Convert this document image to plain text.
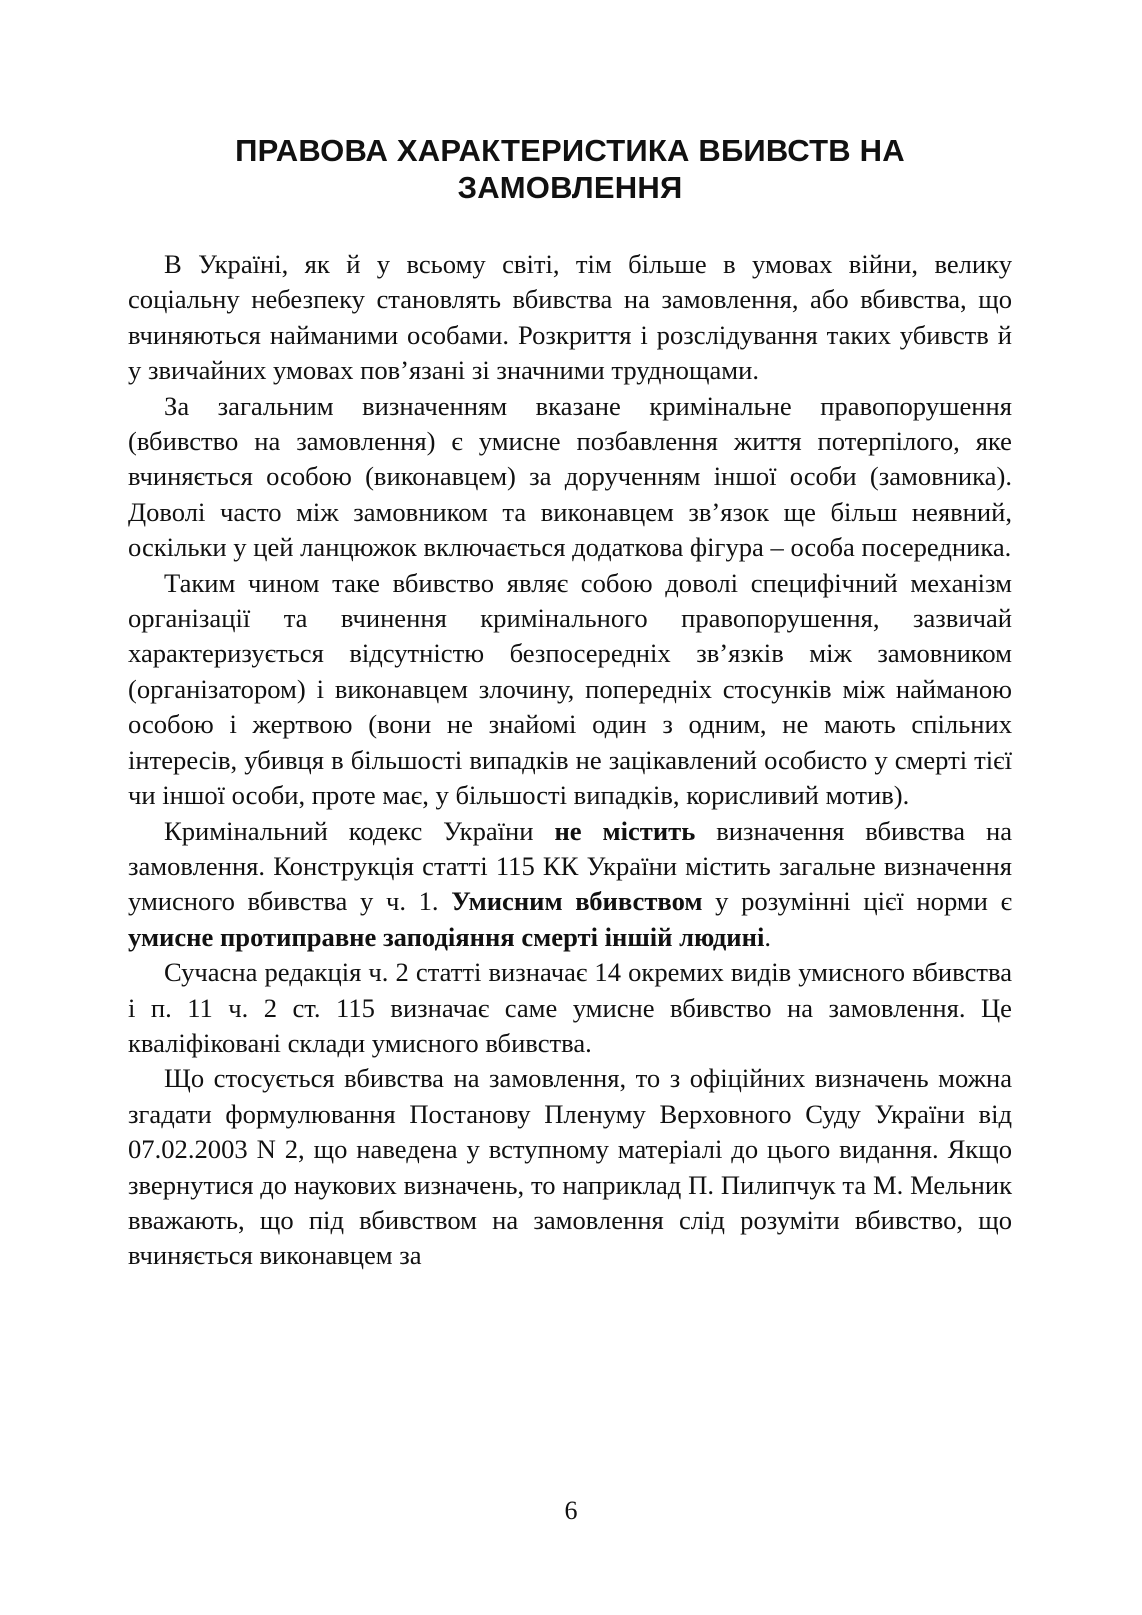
ПРАВОВА ХАРАКТЕРИСТИКА ВБИВСТВ НА
ЗАМОВЛЕННЯ

В Україні, як й у всьому світі, тім більше в умовах війни, велику соціальну небезпеку становлять вбивства на замовлення, або вбивства, що вчиняються найманими особами. Розкриття і розслідування таких убивств й у звичайних умовах пов’язані зі значними труднощами.

За загальним визначенням вказане кримінальне правопорушення (вбивство на замовлення) є умисне позбавлення життя потерпілого, яке вчиняється особою (виконавцем) за дорученням іншої особи (замовника). Доволі часто між замовником та виконавцем зв’язок ще більш неявний, оскільки у цей ланцюжок включається додаткова фігура – особа посередника.

Таким чином таке вбивство являє собою доволі специфічний механізм організації та вчинення кримінального правопорушення, зазвичай характеризується відсутністю безпосередніх зв’язків між замовником (організатором) і виконавцем злочину, попередніх стосунків між найманою особою і жертвою (вони не знайомі один з одним, не мають спільних інтересів, убивця в більшості випадків не зацікавлений особисто у смерті тієї чи іншої особи, проте має, у більшості випадків, корисливий мотив).

Кримінальний кодекс України не містить визначення вбивства на замовлення. Конструкція статті 115 КК України містить загальне визначення умисного вбивства у ч. 1. Умисним вбивством у розумінні цієї норми є умисне протиправне заподіяння смерті іншій людині.

Сучасна редакція ч. 2 статті визначає 14 окремих видів умисного вбивства і п. 11 ч. 2 ст. 115 визначає саме умисне вбивство на замовлення. Це кваліфіковані склади умисного вбивства.

Що стосується вбивства на замовлення, то з офіційних визначень можна згадати формулювання Постанову Пленуму Верховного Суду України від 07.02.2003 N 2, що наведена у вступному матеріалі до цього видання. Якщо звернутися до наукових визначень, то наприклад П. Пилипчук та М. Мельник вважають, що під вбивством на замовлення слід розуміти вбивство, що вчиняється виконавцем за

6
